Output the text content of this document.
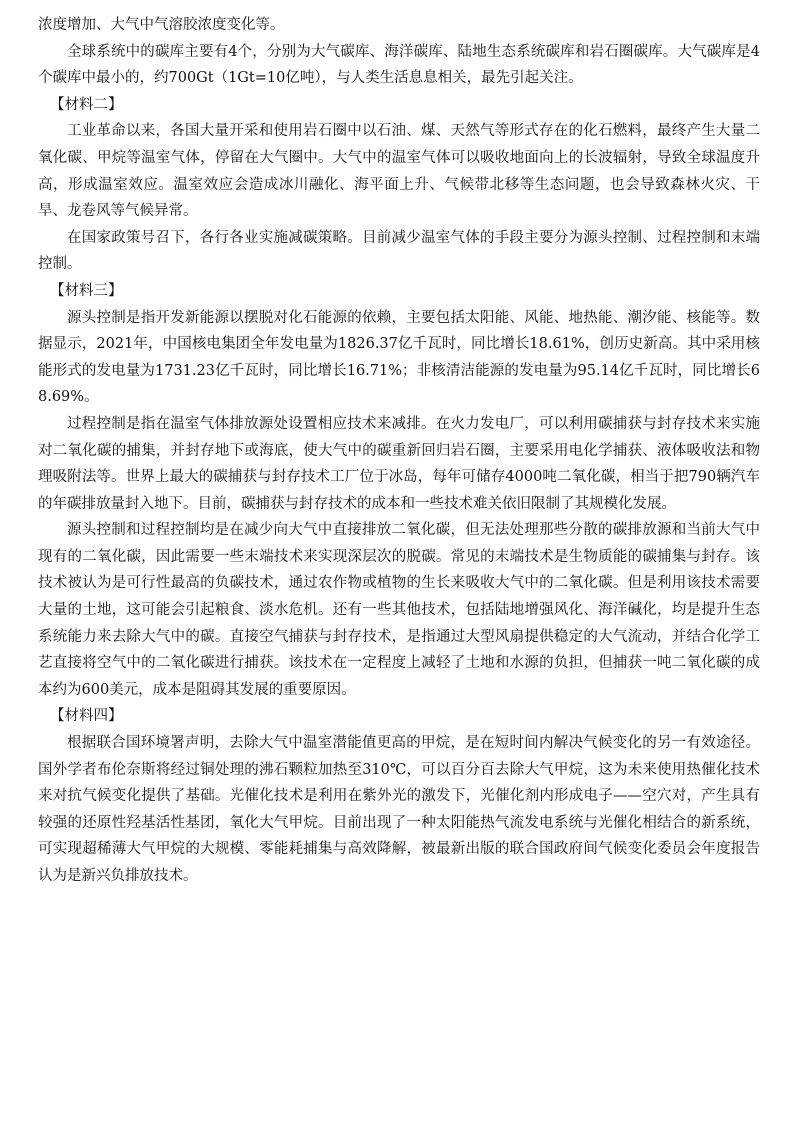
浓度增加、大气中气溶胶浓度变化等。

全球系统中的碳库主要有4个，分别为大气碳库、海洋碳库、陆地生态系统碳库和岩石圈碳库。大气碳库是4个碳库中最小的，约700Gt（1Gt=10亿吨），与人类生活息息相关，最先引起关注。

【材料二】

工业革命以来，各国大量开采和使用岩石圈中以石油、煤、天然气等形式存在的化石燃料，最终产生大量二氧化碳、甲烷等温室气体，停留在大气圈中。大气中的温室气体可以吸收地面向上的长波辐射，导致全球温度升高，形成温室效应。温室效应会造成冰川融化、海平面上升、气候带北移等生态问题，也会导致森林火灾、干旱、龙卷风等气候异常。

在国家政策号召下，各行各业实施减碳策略。目前减少温室气体的手段主要分为源头控制、过程控制和末端控制。

【材料三】

源头控制是指开发新能源以摆脱对化石能源的依赖，主要包括太阳能、风能、地热能、潮汐能、核能等。数据显示，2021年，中国核电集团全年发电量为1826.37亿千瓦时，同比增长18.61%，创历史新高。其中采用核能形式的发电量为1731.23亿千瓦时，同比增长16.71%；非核清洁能源的发电量为95.14亿千瓦时，同比增长68.69%。

过程控制是指在温室气体排放源处设置相应技术来减排。在火力发电厂，可以利用碳捕获与封存技术来实施对二氧化碳的捕集，并封存地下或海底，使大气中的碳重新回归岩石圈，主要采用电化学捕获、液体吸收法和物理吸附法等。世界上最大的碳捕获与封存技术工厂位于冰岛，每年可储存4000吨二氧化碳，相当于把790辆汽车的年碳排放量封入地下。目前，碳捕获与封存技术的成本和一些技术难关依旧限制了其规模化发展。

源头控制和过程控制均是在减少向大气中直接排放二氧化碳，但无法处理那些分散的碳排放源和当前大气中现有的二氧化碳，因此需要一些末端技术来实现深层次的脱碳。常见的末端技术是生物质能的碳捕集与封存。该技术被认为是可行性最高的负碳技术，通过农作物或植物的生长来吸收大气中的二氧化碳。但是利用该技术需要大量的土地，这可能会引起粮食、淡水危机。还有一些其他技术，包括陆地增强风化、海洋碱化，均是提升生态系统能力来去除大气中的碳。直接空气捕获与封存技术，是指通过大型风扇提供稳定的大气流动，并结合化学工艺直接将空气中的二氧化碳进行捕获。该技术在一定程度上减轻了土地和水源的负担，但捕获一吨二氧化碳的成本约为600美元，成本是阻碍其发展的重要原因。

【材料四】

根据联合国环境署声明，去除大气中温室潜能值更高的甲烷，是在短时间内解决气候变化的另一有效途径。国外学者布伦奈斯将经过铜处理的沸石颗粒加热至310℃，可以百分百去除大气甲烷，这为未来使用热催化技术来对抗气候变化提供了基础。光催化技术是利用在紫外光的激发下，光催化剂内形成电子——空穴对，产生具有较强的还原性羟基活性基团，氧化大气甲烷。目前出现了一种太阳能热气流发电系统与光催化相结合的新系统，可实现超稀薄大气甲烷的大规模、零能耗捕集与高效降解，被最新出版的联合国政府间气候变化委员会年度报告认为是新兴负排放技术。
